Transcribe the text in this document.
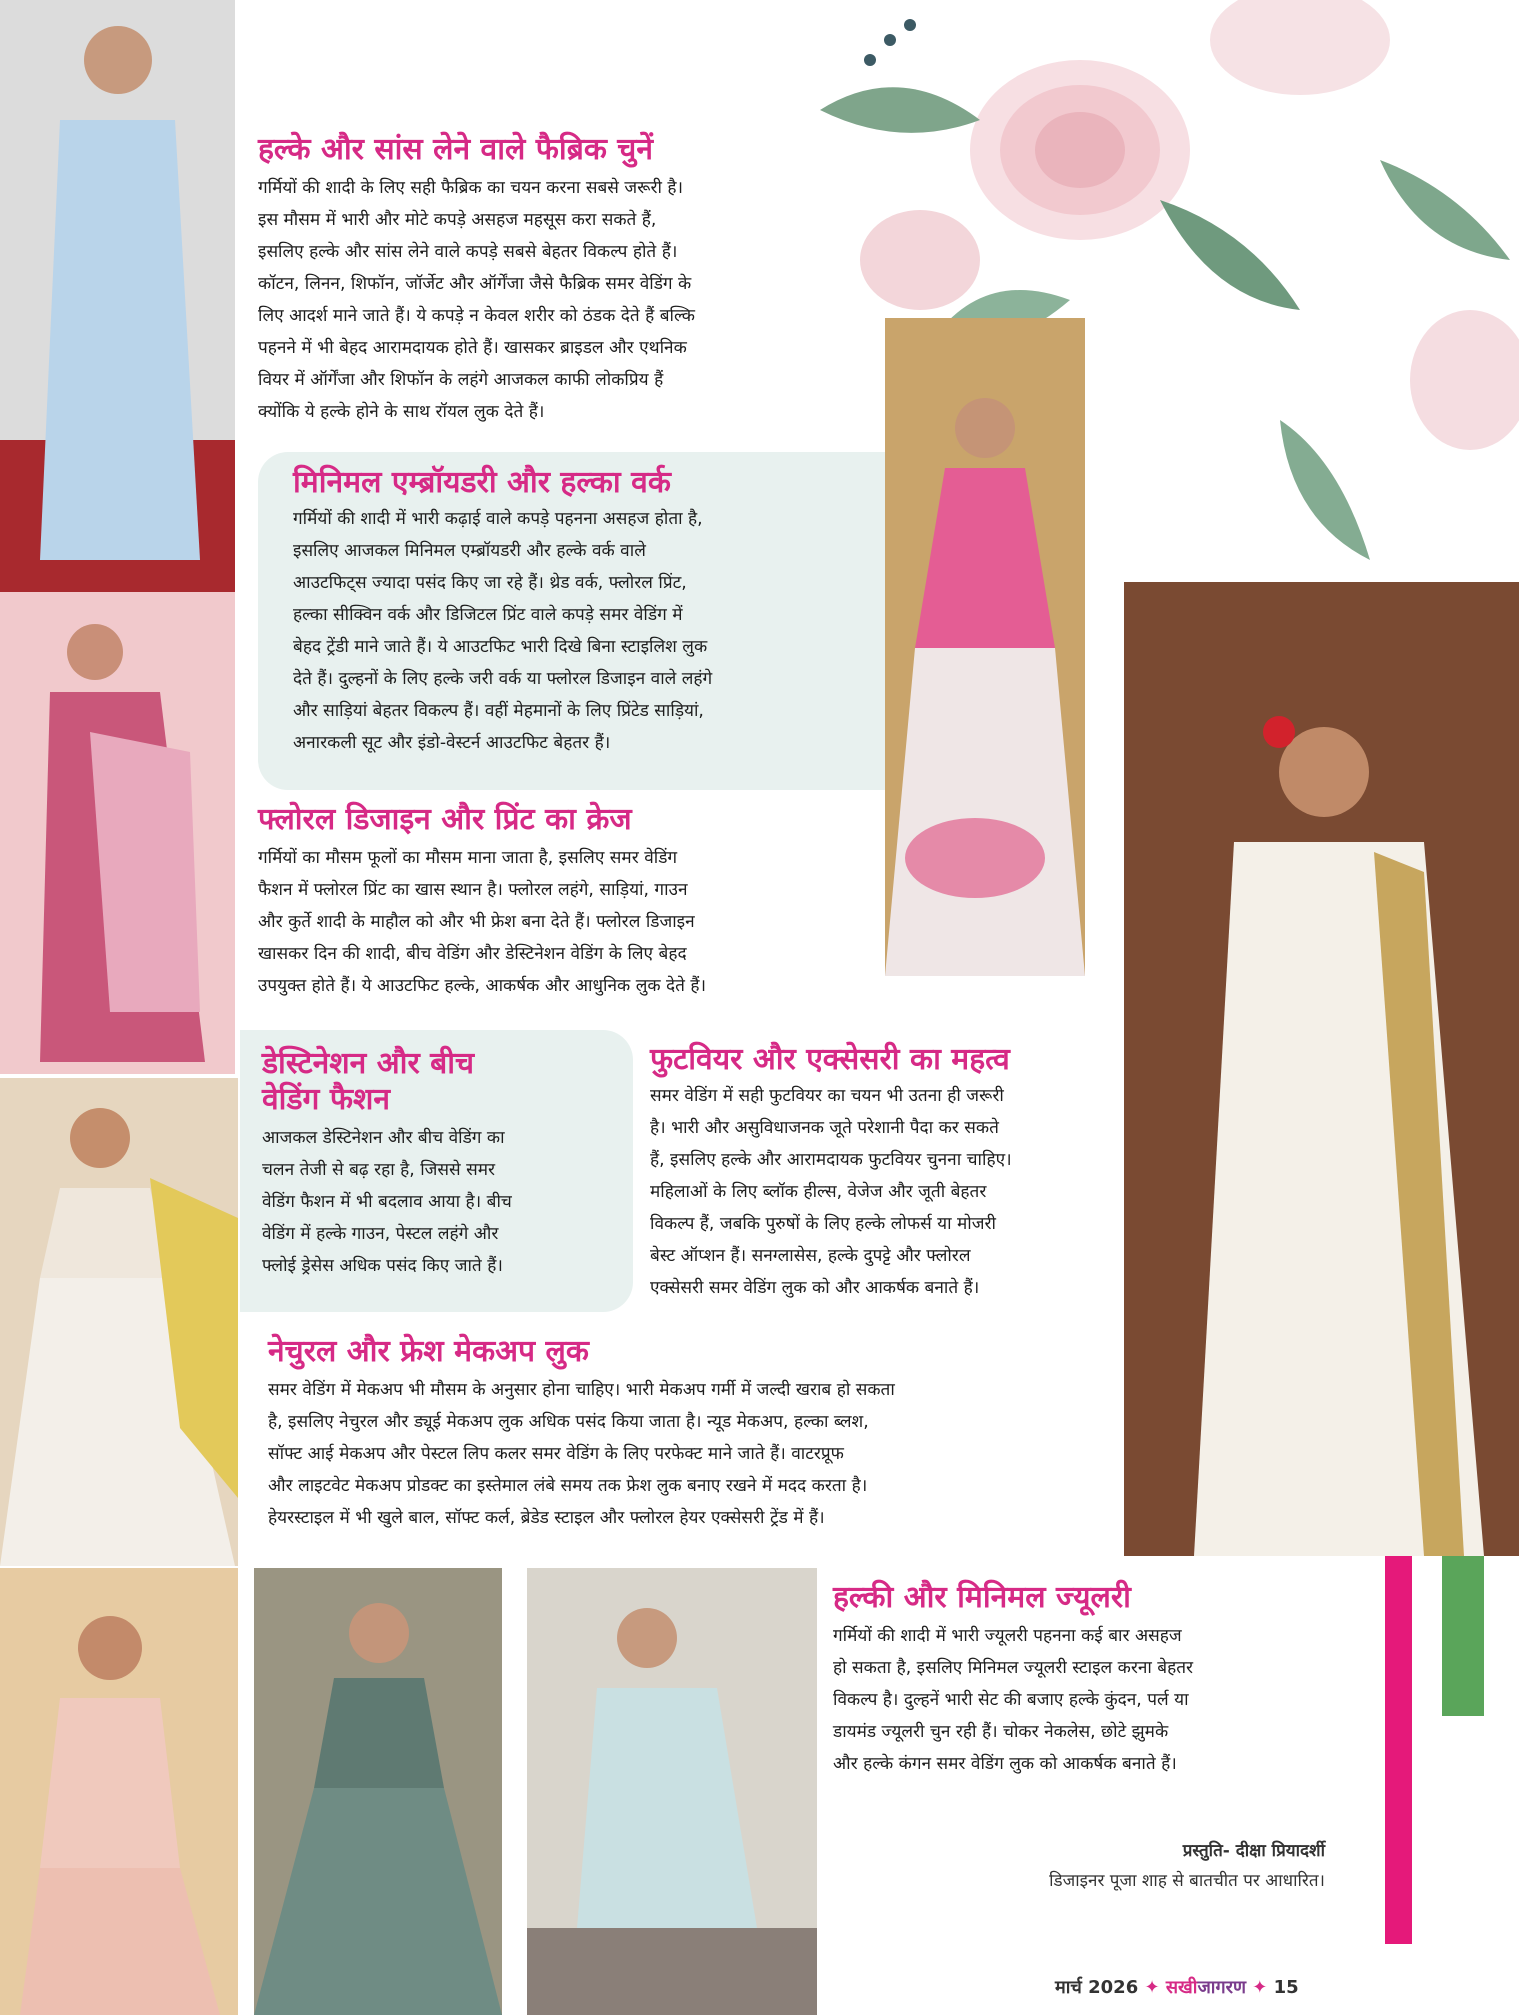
हल्के और सांस लेने वाले फैब्रिक चुनें
गर्मियों की शादी के लिए सही फैब्रिक का चयन करना सबसे जरूरी है।
इस मौसम में भारी और मोटे कपड़े असहज महसूस करा सकते हैं,
इसलिए हल्के और सांस लेने वाले कपड़े सबसे बेहतर विकल्प होते हैं।
कॉटन, लिनन, शिफॉन, जॉर्जेट और ऑर्गेंजा जैसे फैब्रिक समर वेडिंग के
लिए आदर्श माने जाते हैं। ये कपड़े न केवल शरीर को ठंडक देते हैं बल्कि
पहनने में भी बेहद आरामदायक होते हैं। खासकर ब्राइडल और एथनिक
वियर में ऑर्गेंजा और शिफॉन के लहंगे आजकल काफी लोकप्रिय हैं
क्योंकि ये हल्के होने के साथ रॉयल लुक देते हैं।
मिनिमल एम्ब्रॉयडरी और हल्का वर्क
गर्मियों की शादी में भारी कढ़ाई वाले कपड़े पहनना असहज होता है,
इसलिए आजकल मिनिमल एम्ब्रॉयडरी और हल्के वर्क वाले
आउटफिट्स ज्यादा पसंद किए जा रहे हैं। थ्रेड वर्क, फ्लोरल प्रिंट,
हल्का सीक्विन वर्क और डिजिटल प्रिंट वाले कपड़े समर वेडिंग में
बेहद ट्रेंडी माने जाते हैं। ये आउटफिट भारी दिखे बिना स्टाइलिश लुक
देते हैं। दुल्हनों के लिए हल्के जरी वर्क या फ्लोरल डिजाइन वाले लहंगे
और साड़ियां बेहतर विकल्प हैं। वहीं मेहमानों के लिए प्रिंटेड साड़ियां,
अनारकली सूट और इंडो-वेस्टर्न आउटफिट बेहतर हैं।
फ्लोरल डिजाइन और प्रिंट का क्रेज
गर्मियों का मौसम फूलों का मौसम माना जाता है, इसलिए समर वेडिंग
फैशन में फ्लोरल प्रिंट का खास स्थान है। फ्लोरल लहंगे, साड़ियां, गाउन
और कुर्ते शादी के माहौल को और भी फ्रेश बना देते हैं। फ्लोरल डिजाइन
खासकर दिन की शादी, बीच वेडिंग और डेस्टिनेशन वेडिंग के लिए बेहद
उपयुक्त होते हैं। ये आउटफिट हल्के, आकर्षक और आधुनिक लुक देते हैं।
डेस्टिनेशन और बीच
वेडिंग फैशन
आजकल डेस्टिनेशन और बीच वेडिंग का
चलन तेजी से बढ़ रहा है, जिससे समर
वेडिंग फैशन में भी बदलाव आया है। बीच
वेडिंग में हल्के गाउन, पेस्टल लहंगे और
फ्लोई ड्रेसेस अधिक पसंद किए जाते हैं।
फुटवियर और एक्सेसरी का महत्व
समर वेडिंग में सही फुटवियर का चयन भी उतना ही जरूरी
है। भारी और असुविधाजनक जूते परेशानी पैदा कर सकते
हैं, इसलिए हल्के और आरामदायक फुटवियर चुनना चाहिए।
महिलाओं के लिए ब्लॉक हील्स, वेजेज और जूती बेहतर
विकल्प हैं, जबकि पुरुषों के लिए हल्के लोफर्स या मोजरी
बेस्ट ऑप्शन हैं। सनग्लासेस, हल्के दुपट्टे और फ्लोरल
एक्सेसरी समर वेडिंग लुक को और आकर्षक बनाते हैं।
नेचुरल और फ्रेश मेकअप लुक
समर वेडिंग में मेकअप भी मौसम के अनुसार होना चाहिए। भारी मेकअप गर्मी में जल्दी खराब हो सकता
है, इसलिए नेचुरल और ड्यूई मेकअप लुक अधिक पसंद किया जाता है। न्यूड मेकअप, हल्का ब्लश,
सॉफ्ट आई मेकअप और पेस्टल लिप कलर समर वेडिंग के लिए परफेक्ट माने जाते हैं। वाटरप्रूफ
और लाइटवेट मेकअप प्रोडक्ट का इस्तेमाल लंबे समय तक फ्रेश लुक बनाए रखने में मदद करता है।
हेयरस्टाइल में भी खुले बाल, सॉफ्ट कर्ल, ब्रेडेड स्टाइल और फ्लोरल हेयर एक्सेसरी ट्रेंड में हैं।
हल्की और मिनिमल ज्यूलरी
गर्मियों की शादी में भारी ज्यूलरी पहनना कई बार असहज
हो सकता है, इसलिए मिनिमल ज्यूलरी स्टाइल करना बेहतर
विकल्प है। दुल्हनें भारी सेट की बजाए हल्के कुंदन, पर्ल या
डायमंड ज्यूलरी चुन रही हैं। चोकर नेकलेस, छोटे झुमके
और हल्के कंगन समर वेडिंग लुक को आकर्षक बनाते हैं।
प्रस्तुति- दीक्षा प्रियादर्शी
डिजाइनर पूजा शाह से बातचीत पर आधारित।
मार्च 2026 ✦ सखीजागरण ✦ 15
